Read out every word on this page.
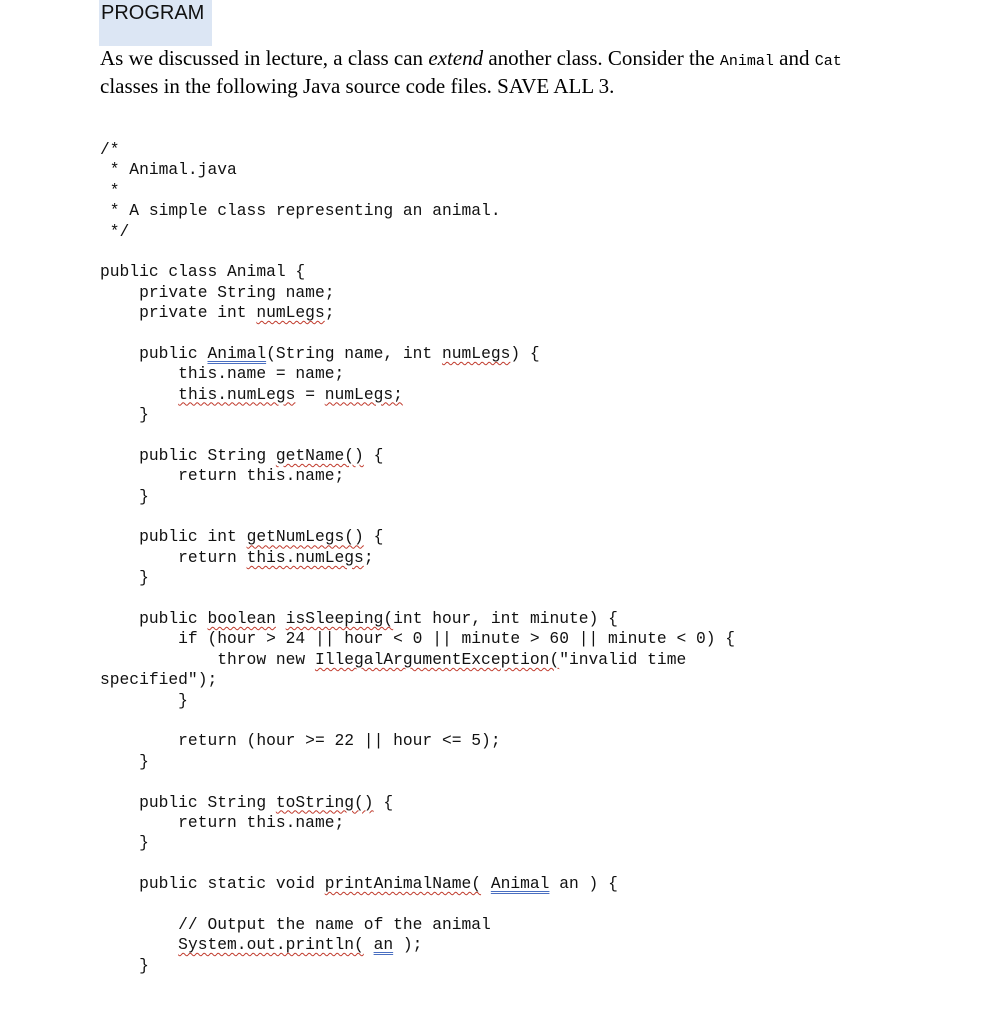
PROGRAM
As we discussed in lecture, a class can extend another class. Consider the Animal and Cat classes in the following Java source code files. SAVE ALL 3.
/*
* Animal.java
*
* A simple class representing an animal.
*/
public class Animal {
private String name;
private int numLegs;
public Animal(String name, int numLegs) {
this.name = name;
this.numLegs = numLegs;
}
public String getName() {
return this.name;
}
public int getNumLegs() {
return this.numLegs;
}
public boolean isSleeping(int hour, int minute) {
if (hour > 24 || hour < 0 || minute > 60 || minute < 0) {
throw new IllegalArgumentException("invalid time
specified");
}
return (hour >= 22 || hour <= 5);
}
public String toString() {
return this.name;
}
public static void printAnimalName( Animal an ) {
// Output the name of the animal
System.out.println( an );
}
